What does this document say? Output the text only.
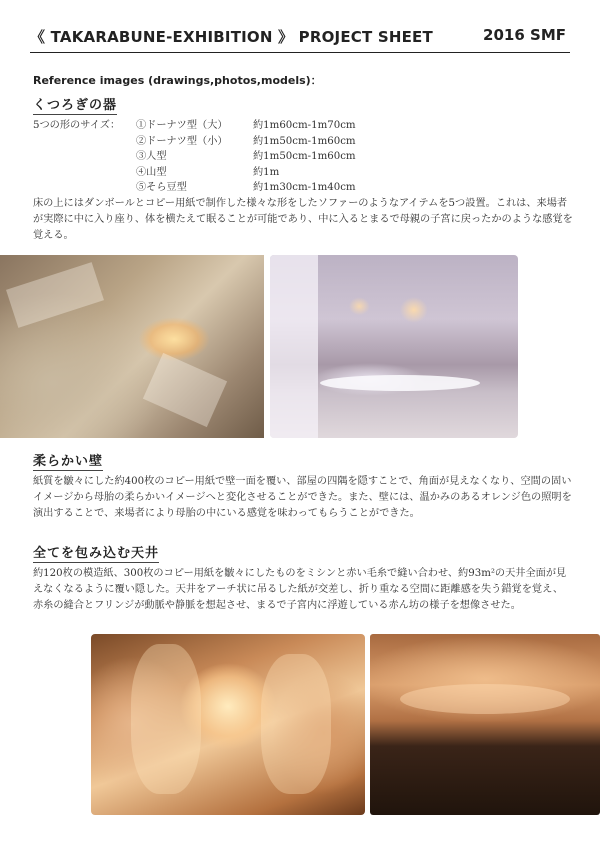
《 TAKARABUNE-EXHIBITION 》 PROJECT SHEET	2016 SMF
Reference images (drawings,photos,models)：
くつろぎの器
5つの形のサイズ： ①ドーナツ型（大） 約1m60cm-1m70cm
②ドーナツ型（小） 約1m50cm-1m60cm
③人型	約1m50cm-1m60cm
④山型	約1m
⑤そら豆型	約1m30cm-1m40cm
床の上にはダンボールとコピー用紙で制作した様々な形をしたソファーのようなアイテムを5つ設置。これは、来場者が実際に中に入り座り、体を横たえて眠ることが可能であり、中に入るとまるで母親の子宮に戻ったかのような感覚を覚える。
柔らかい壁
紙質を皺々にした約400枚のコピー用紙で壁一面を覆い、部屋の四隅を隠すことで、角面が見えなくなり、空間の固いイメージから母胎の柔らかいイメージへと変化させることができた。また、壁には、温かみのあるオレンジ色の照明を演出することで、来場者により母胎の中にいる感覚を味わってもらうことができた。
全てを包み込む天井
約120枚の模造紙、300枚のコピー用紙を皺々にしたものをミシンと赤い毛糸で縫い合わせ、約93m²の天井全面が見えなくなるように覆い隠した。天井をアーチ状に吊るした紙が交差し、折り重なる空間に距離感を失う錯覚を覚え、赤糸の縫合とフリンジが動脈や静脈を想起させ、まるで子宮内に浮遊している赤ん坊の様子を想像させた。
